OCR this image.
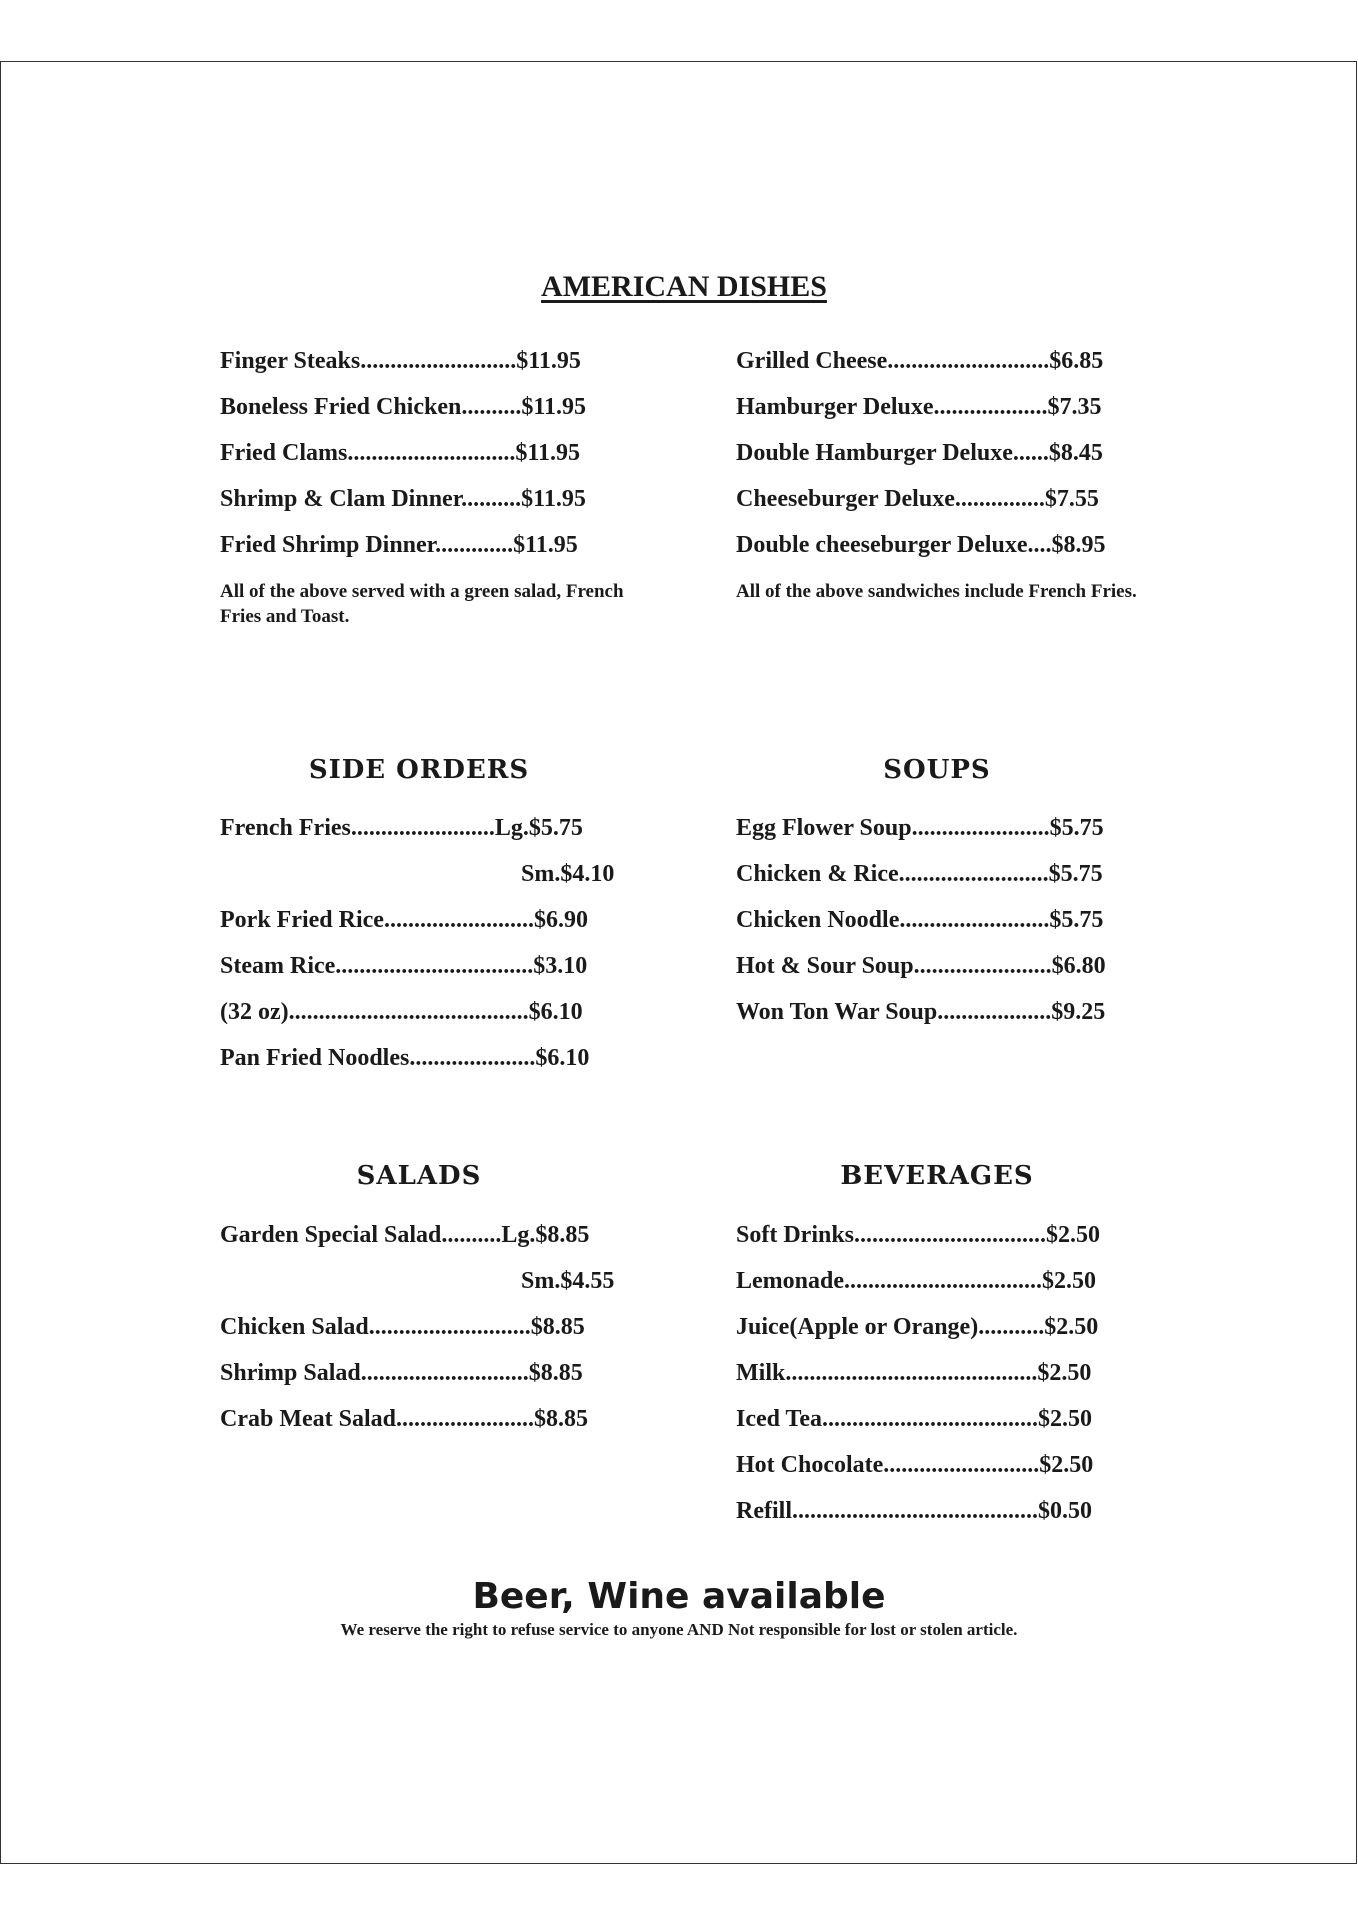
AMERICAN DISHES
Finger Steaks..........................$11.95
Boneless Fried Chicken..........$11.95
Fried Clams............................$11.95
Shrimp & Clam Dinner..........$11.95
Fried Shrimp Dinner.............$11.95
All of the above served with a green salad, French Fries and Toast.
Grilled Cheese...........................$6.85
Hamburger Deluxe...................$7.35
Double Hamburger Deluxe......$8.45
Cheeseburger Deluxe...............$7.55
Double cheeseburger Deluxe....$8.95
All of the above sandwiches include French Fries.
SIDE ORDERS
French Fries........................Lg.$5.75
Sm.$4.10
Pork Fried Rice.........................$6.90
Steam Rice.................................$3.10
(32 oz)........................................$6.10
Pan Fried Noodles.....................$6.10
SOUPS
Egg Flower Soup.......................$5.75
Chicken & Rice.........................$5.75
Chicken Noodle.........................$5.75
Hot & Sour Soup.......................$6.80
Won Ton War Soup...................$9.25
SALADS
Garden Special Salad..........Lg.$8.85
Sm.$4.55
Chicken Salad...........................$8.85
Shrimp Salad............................$8.85
Crab Meat Salad.......................$8.85
BEVERAGES
Soft Drinks................................$2.50
Lemonade.................................$2.50
Juice(Apple or Orange)...........$2.50
Milk..........................................$2.50
Iced Tea....................................$2.50
Hot Chocolate..........................$2.50
Refill.........................................$0.50
Beer, Wine available
We reserve the right to refuse service to anyone AND Not responsible for lost or stolen article.
